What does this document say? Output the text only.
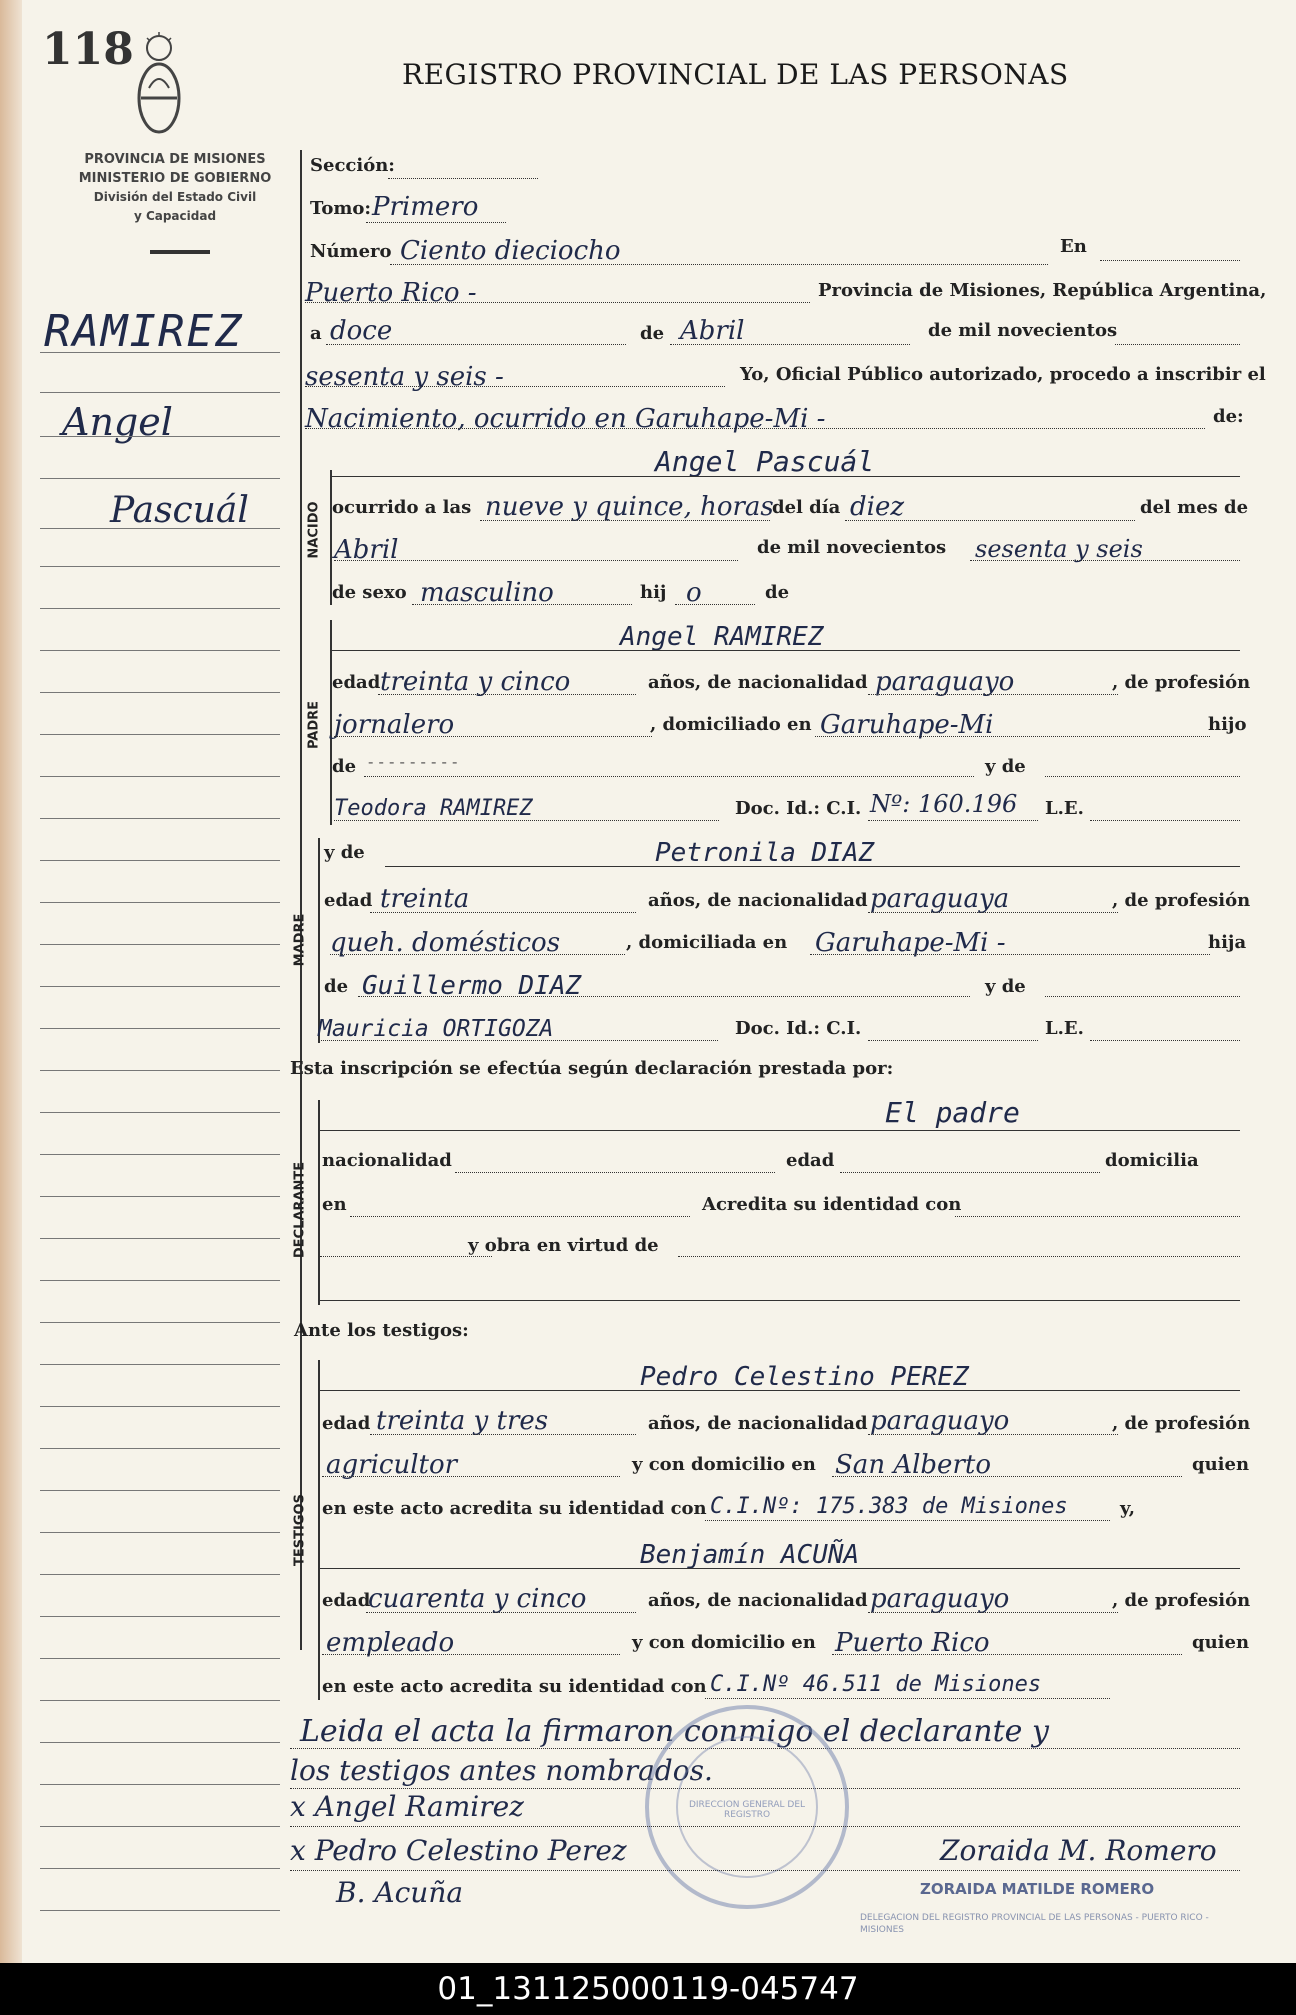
118	REGISTRO PROVINCIAL DE LAS PERSONAS
PROVINCIA DE MISIONES
MINISTERIO DE GOBIERNO
División del Estado Civil
y Capacidad
RAMIREZ
Angel
Pascuál
Sección:
Tomo: Primero
Número Ciento dieciocho	En
Puerto Rico -	Provincia de Misiones, República Argentina,
a doce	de Abril	de mil novecientos
sesenta y seis -	Yo, Oficial Público autorizado, procedo a inscribir el
Nacimiento, ocurrido en Garuhape-Mi -	de:
NACIDO
Angel Pascuál
ocurrido a las nueve y quince, horas
del día diez	del mes de
Abril	de mil novecientos sesenta y seis
de sexo masculino	hij o	de
PADRE
Angel RAMIREZ
edad treinta y cinco	años, de nacionalidad paraguayo	, de profesión
jornalero	, domiciliado en Garuhape-Mi	hijo
de - - - - - - - - -	y de
Teodora RAMIREZ	Doc. Id.: C.I. Nº: 160.196 L.E.
MADRE
y de	Petronila DIAZ
edad treinta	años, de nacionalidad paraguaya	, de profesión
queh. domésticos	, domiciliada en Garuhape-Mi -	hija
de Guillermo DIAZ	y de
Mauricia ORTIGOZA	Doc. Id.: C.I.	L.E.
Esta inscripción se efectúa según declaración prestada por:
DECLARANTE
El padre
nacionalidad	edad	domicilia
en	Acredita su identidad con
y obra en virtud de
Ante los testigos:
TESTIGOS
Pedro Celestino PEREZ
edad treinta y tres	años, de nacionalidad paraguayo	, de profesión
agricultor	y con domicilio en San Alberto	quien
en este acto acredita su identidad con C.I.Nº: 175.383 de Misiones	y,
Benjamín ACUÑA
edad
cuarenta y cinco	años, de nacionalidad paraguayo	, de profesión
empleado	y con domicilio en Puerto Rico	quien
en este acto acredita su identidad con C.I.Nº 46.511 de Misiones
Leida el acta la firmaron conmigo el declarante y
los testigos antes nombrados.
DIRECCION GENERAL DEL REGISTRO
x Angel Ramirez
x Pedro Celestino Perez	Zoraida M. Romero
B. Acuña	ZORAIDA MATILDE ROMERO
DELEGACION DEL REGISTRO PROVINCIAL DE LAS PERSONAS - PUERTO RICO - MISIONES
01_131125000119-045747
